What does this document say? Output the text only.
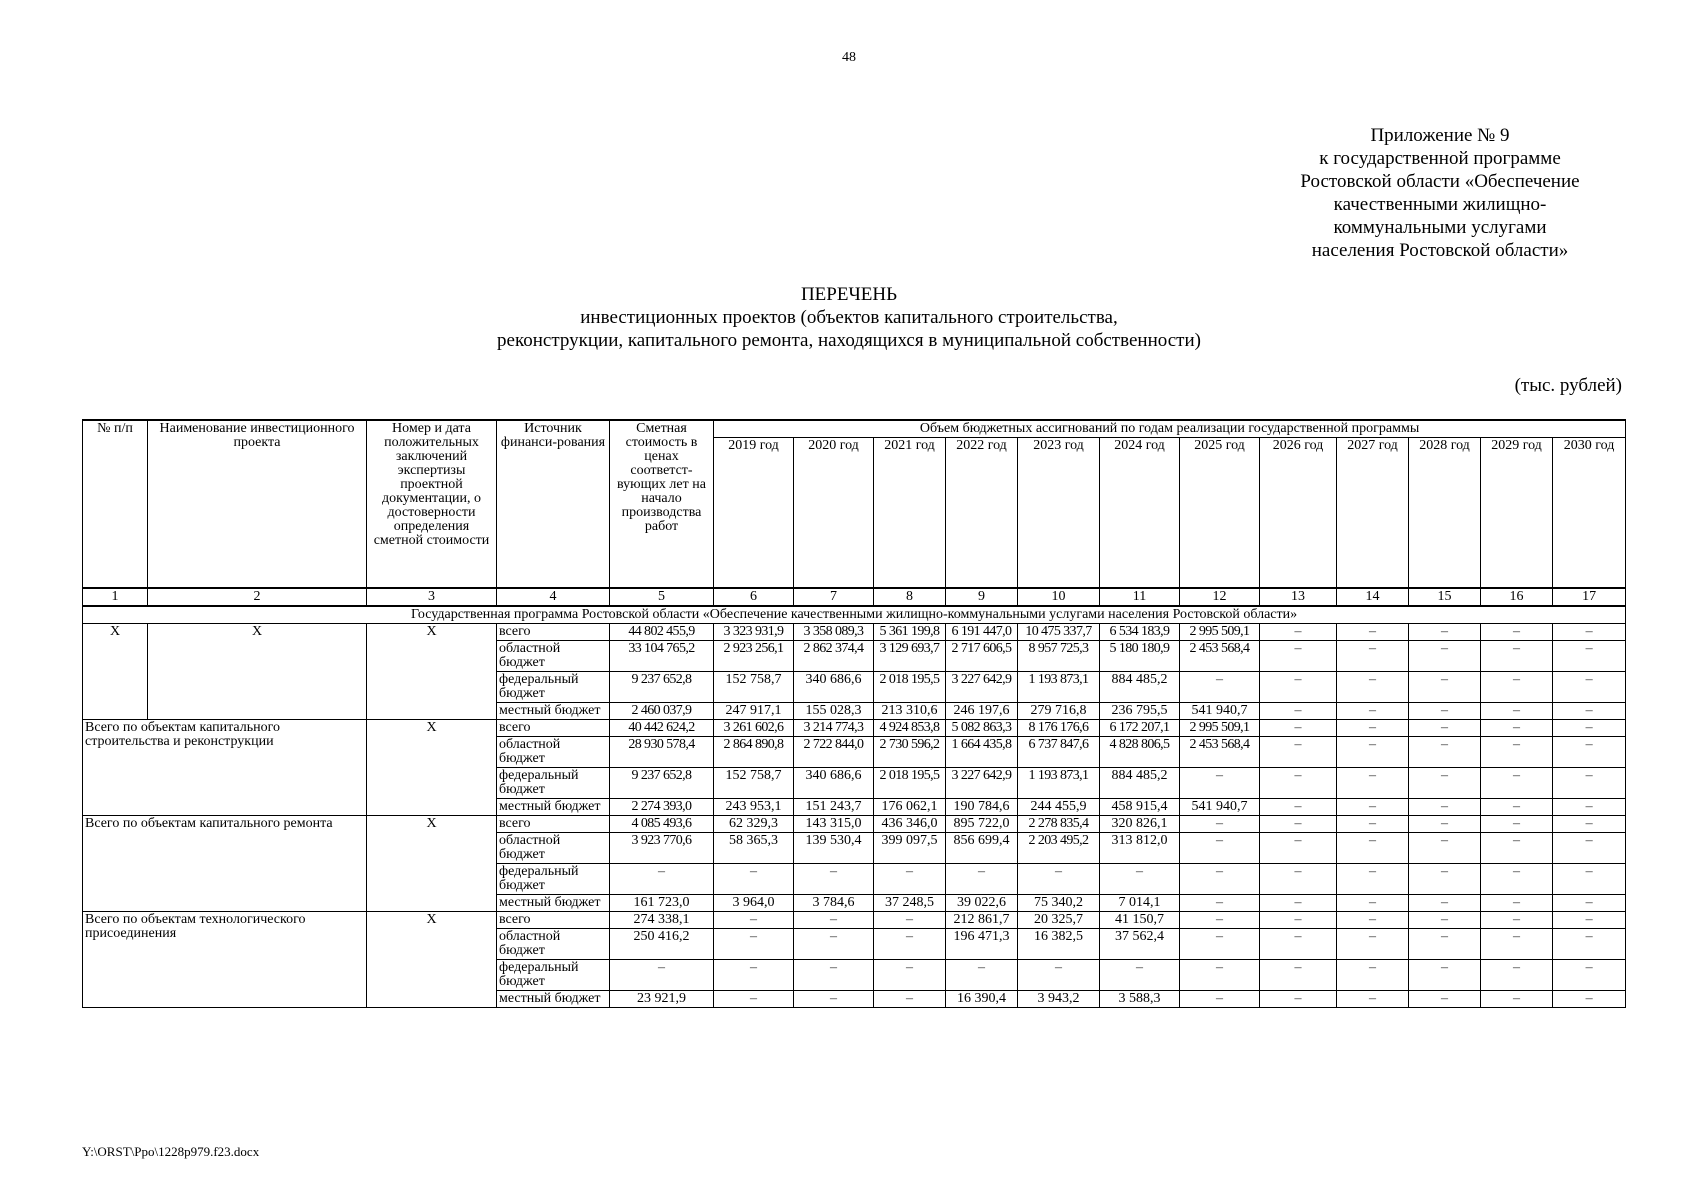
48
Приложение № 9
к государственной программе
Ростовской области «Обеспечение
качественными жилищно-
коммунальными услугами
населения Ростовской области»
ПЕРЕЧЕНЬ
инвестиционных проектов (объектов капитального строительства,
реконструкции, капитального ремонта, находящихся в муниципальной собственности)
(тыс. рублей)
№ п/п	Наименование инвестиционного проекта	Номер и дата положительных заключений экспертизы проектной документации, о достоверности определения сметной стоимости	Источник финанси-рования	Сметная стоимость в ценах соответст-вующих лет на начало производства работ	Объем бюджетных ассигнований по годам реализации государственной программы											
					2019 год	2020 год	2021 год	2022 год	2023 год	2024 год	2025 год	2026 год	2027 год	2028 год	2029 год	2030 год
1	2	3	4	5	6	7	8	9	10	11	12	13	14	15	16	17
Государственная программа Ростовской области «Обеспечение качественными жилищно-коммунальными услугами населения Ростовской области»																
Х	Х	Х	всего	44 802 455,9	3 323 931,9	3 358 089,3	5 361 199,8	6 191 447,0	10 475 337,7	6 534 183,9	2 995 509,1	–	–	–	–	–
			областной бюджет	33 104 765,2	2 923 256,1	2 862 374,4	3 129 693,7	2 717 606,5	8 957 725,3	5 180 180,9	2 453 568,4	–	–	–	–	–
			федеральный бюджет	9 237 652,8	152 758,7	340 686,6	2 018 195,5	3 227 642,9	1 193 873,1	884 485,2	–	–	–	–	–	–
			местный бюджет	2 460 037,9	247 917,1	155 028,3	213 310,6	246 197,6	279 716,8	236 795,5	541 940,7	–	–	–	–	–
Всего по объектам капитального строительства и реконструкции		Х	всего	40 442 624,2	3 261 602,6	3 214 774,3	4 924 853,8	5 082 863,3	8 176 176,6	6 172 207,1	2 995 509,1	–	–	–	–	–
			областной бюджет	28 930 578,4	2 864 890,8	2 722 844,0	2 730 596,2	1 664 435,8	6 737 847,6	4 828 806,5	2 453 568,4	–	–	–	–	–
			федеральный бюджет	9 237 652,8	152 758,7	340 686,6	2 018 195,5	3 227 642,9	1 193 873,1	884 485,2	–	–	–	–	–	–
			местный бюджет	2 274 393,0	243 953,1	151 243,7	176 062,1	190 784,6	244 455,9	458 915,4	541 940,7	–	–	–	–	–
Всего по объектам капитального ремонта		Х	всего	4 085 493,6	62 329,3	143 315,0	436 346,0	895 722,0	2 278 835,4	320 826,1	–	–	–	–	–	–
			областной бюджет	3 923 770,6	58 365,3	139 530,4	399 097,5	856 699,4	2 203 495,2	313 812,0	–	–	–	–	–	–
			федеральный бюджет	–	–	–	–	–	–	–	–	–	–	–	–	–
			местный бюджет	161 723,0	3 964,0	3 784,6	37 248,5	39 022,6	75 340,2	7 014,1	–	–	–	–	–	–
Всего по объектам технологического присоединения		Х	всего	274 338,1	–	–	–	212 861,7	20 325,7	41 150,7	–	–	–	–	–	–
			областной бюджет	250 416,2	–	–	–	196 471,3	16 382,5	37 562,4	–	–	–	–	–	–
			федеральный бюджет	–	–	–	–	–	–	–	–	–	–	–	–	–
			местный бюджет	23 921,9	–	–	–	16 390,4	3 943,2	3 588,3	–	–	–	–	–	–
Y:\ORST\Ppo\1228p979.f23.docx
